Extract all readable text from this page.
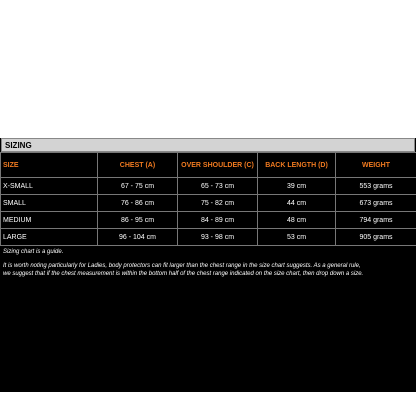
SIZING
SIZE	CHEST (A)	OVER SHOULDER (C)	BACK LENGTH (D)	WEIGHT
X-SMALL	67 - 75 cm	65 - 73 cm	39 cm	553 grams
SMALL	76 - 86 cm	75 - 82 cm	44 cm	673 grams
MEDIUM	86 - 95 cm	84 - 89 cm	48 cm	794 grams
LARGE	96 - 104 cm	93 - 98 cm	53 cm	905 grams
Sizing chart is a guide.
It is worth noting particularly for Ladies, body protectors can fit larger than the chest range in the size chart suggests. As a general rule,
we suggest that if the chest measurement is within the bottom half of the chest range indicated on the size chart, then drop down a size.
